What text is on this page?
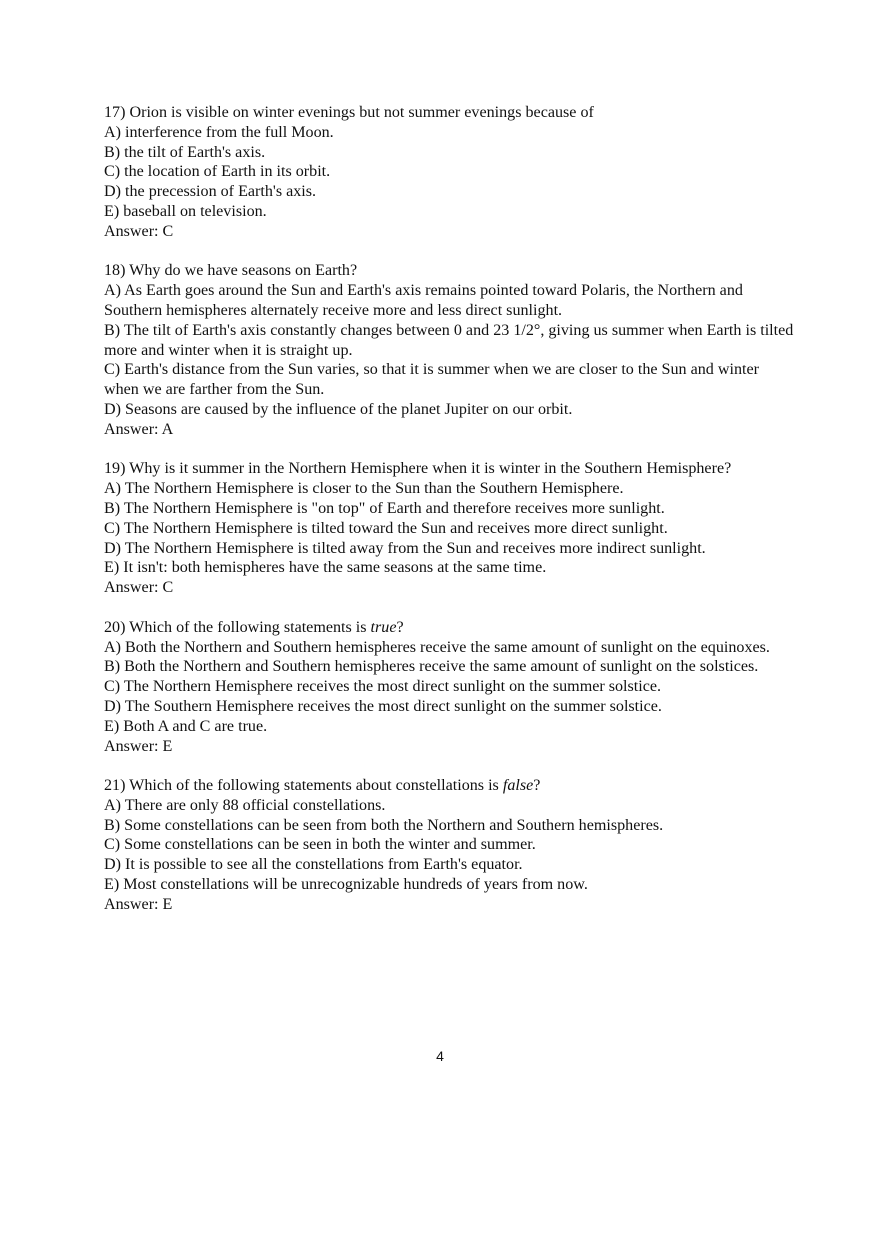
17) Orion is visible on winter evenings but not summer evenings because of

A) interference from the full Moon.

B) the tilt of Earth's axis.

C) the location of Earth in its orbit.

D) the precession of Earth's axis.

E) baseball on television.

Answer: C

18) Why do we have seasons on Earth?

A) As Earth goes around the Sun and Earth's axis remains pointed toward Polaris, the Northern and Southern hemispheres alternately receive more and less direct sunlight.

B) The tilt of Earth's axis constantly changes between 0 and 23 1/2°, giving us summer when Earth is tilted more and winter when it is straight up.

C) Earth's distance from the Sun varies, so that it is summer when we are closer to the Sun and winter when we are farther from the Sun.

D) Seasons are caused by the influence of the planet Jupiter on our orbit.

Answer: A

19) Why is it summer in the Northern Hemisphere when it is winter in the Southern Hemisphere?

A) The Northern Hemisphere is closer to the Sun than the Southern Hemisphere.

B) The Northern Hemisphere is "on top" of Earth and therefore receives more sunlight.

C) The Northern Hemisphere is tilted toward the Sun and receives more direct sunlight.

D) The Northern Hemisphere is tilted away from the Sun and receives more indirect sunlight.

E) It isn't: both hemispheres have the same seasons at the same time.

Answer: C

20) Which of the following statements is true?

A) Both the Northern and Southern hemispheres receive the same amount of sunlight on the equinoxes.

B) Both the Northern and Southern hemispheres receive the same amount of sunlight on the solstices.

C) The Northern Hemisphere receives the most direct sunlight on the summer solstice.

D) The Southern Hemisphere receives the most direct sunlight on the summer solstice.

E) Both A and C are true.

Answer: E

21) Which of the following statements about constellations is false?

A) There are only 88 official constellations.

B) Some constellations can be seen from both the Northern and Southern hemispheres.

C) Some constellations can be seen in both the winter and summer.

D) It is possible to see all the constellations from Earth's equator.

E) Most constellations will be unrecognizable hundreds of years from now.

Answer: E

4
